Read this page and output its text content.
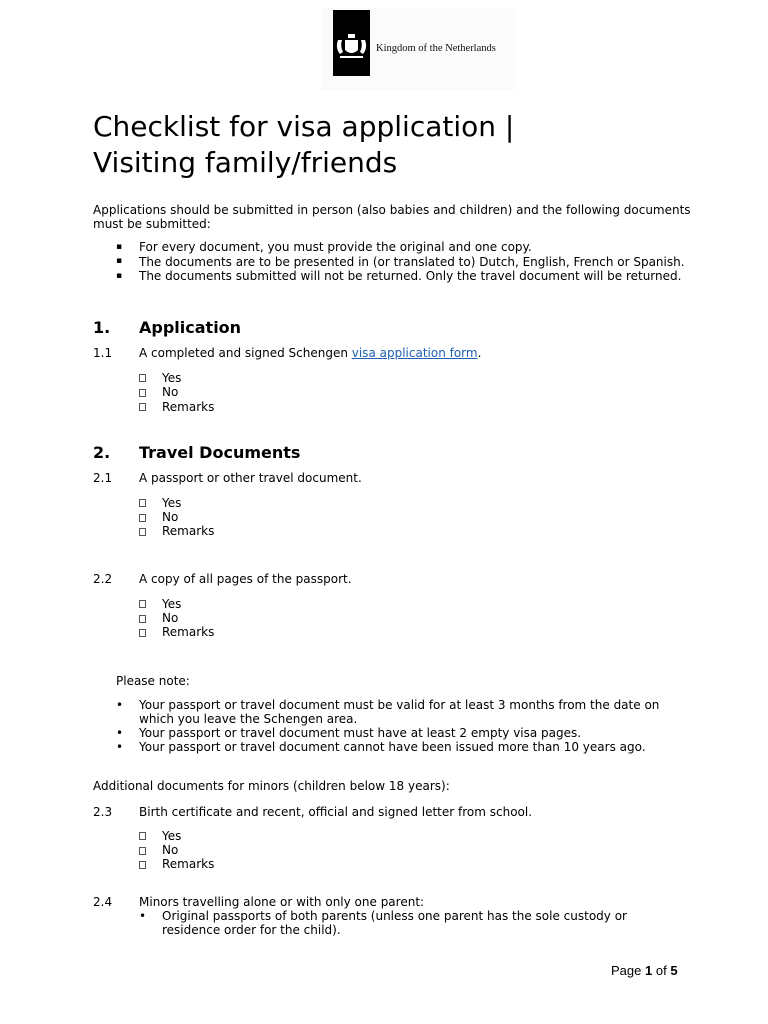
Kingdom of the Netherlands
Checklist for visa application |
Visiting family/friends
Applications should be submitted in person (also babies and children) and the following documents
must be submitted:
▪ For every document, you must provide the original and one copy.
▪ The documents are to be presented in (or translated to) Dutch, English, French or Spanish.
▪ The documents submitted will not be returned. Only the travel document will be returned.
1. Application
1.1 A completed and signed Schengen visa application form.
Yes
No
Remarks
2. Travel Documents
2.1 A passport or other travel document.
Yes
No
Remarks
2.2 A copy of all pages of the passport.
Yes
No
Remarks
Please note:
• Your passport or travel document must be valid for at least 3 months from the date on
which you leave the Schengen area.
• Your passport or travel document must have at least 2 empty visa pages.
• Your passport or travel document cannot have been issued more than 10 years ago.
Additional documents for minors (children below 18 years):
2.3 Birth certificate and recent, official and signed letter from school.
Yes
No
Remarks
2.4 Minors travelling alone or with only one parent:
• Original passports of both parents (unless one parent has the sole custody or
residence order for the child).
Page 1 of 5
